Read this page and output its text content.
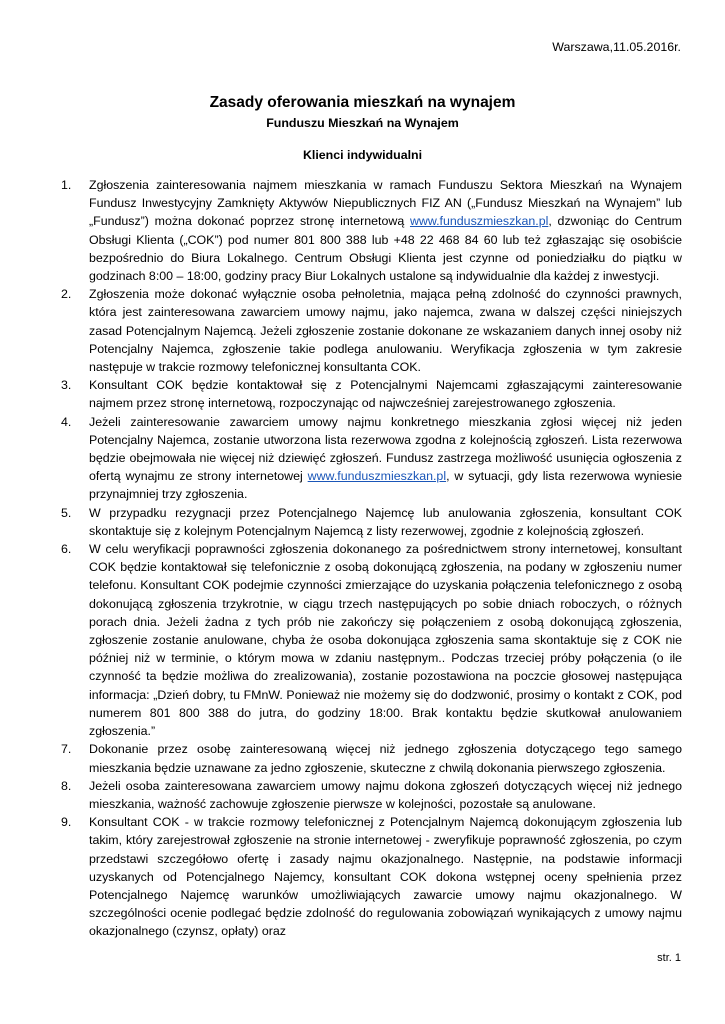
Warszawa,11.05.2016r.
Zasady oferowania mieszkań na wynajem
Funduszu Mieszkań na Wynajem
Klienci indywidualni
1. Zgłoszenia zainteresowania najmem mieszkania w ramach Funduszu Sektora Mieszkań na Wynajem Fundusz Inwestycyjny Zamknięty Aktywów Niepublicznych FIZ AN („Fundusz Mieszkań na Wynajem” lub „Fundusz”) można dokonać poprzez stronę internetową www.funduszmieszkan.pl, dzwoniąc do Centrum Obsługi Klienta („COK”) pod numer 801 800 388 lub +48 22 468 84 60 lub też zgłaszając się osobiście bezpośrednio do Biura Lokalnego. Centrum Obsługi Klienta jest czynne od poniedziałku do piątku w godzinach 8:00 – 18:00, godziny pracy Biur Lokalnych ustalone są indywidualnie dla każdej z inwestycji.
2. Zgłoszenia może dokonać wyłącznie osoba pełnoletnia, mająca pełną zdolność do czynności prawnych, która jest zainteresowana zawarciem umowy najmu, jako najemca, zwana w dalszej części niniejszych zasad Potencjalnym Najemcą. Jeżeli zgłoszenie zostanie dokonane ze wskazaniem danych innej osoby niż Potencjalny Najemca, zgłoszenie takie podlega anulowaniu. Weryfikacja zgłoszenia w tym zakresie następuje w trakcie rozmowy telefonicznej konsultanta COK.
3. Konsultant COK będzie kontaktował się z Potencjalnymi Najemcami zgłaszającymi zainteresowanie najmem przez stronę internetową, rozpoczynając od najwcześniej zarejestrowanego zgłoszenia.
4. Jeżeli zainteresowanie zawarciem umowy najmu konkretnego mieszkania zgłosi więcej niż jeden Potencjalny Najemca, zostanie utworzona lista rezerwowa zgodna z kolejnością zgłoszeń. Lista rezerwowa będzie obejmowała nie więcej niż dziewięć zgłoszeń. Fundusz zastrzega możliwość usunięcia ogłoszenia z ofertą wynajmu ze strony internetowej www.funduszmieszkan.pl, w sytuacji, gdy lista rezerwowa wyniesie przynajmniej trzy zgłoszenia.
5. W przypadku rezygnacji przez Potencjalnego Najemcę lub anulowania zgłoszenia, konsultant COK skontaktuje się z kolejnym Potencjalnym Najemcą z listy rezerwowej, zgodnie z kolejnością zgłoszeń.
6. W celu weryfikacji poprawności zgłoszenia dokonanego za pośrednictwem strony internetowej, konsultant COK będzie kontaktował się telefonicznie z osobą dokonującą zgłoszenia, na podany w zgłoszeniu numer telefonu. Konsultant COK podejmie czynności zmierzające do uzyskania połączenia telefonicznego z osobą dokonującą zgłoszenia trzykrotnie, w ciągu trzech następujących po sobie dniach roboczych, o różnych porach dnia. Jeżeli żadna z tych prób nie zakończy się połączeniem z osobą dokonującą zgłoszenia, zgłoszenie zostanie anulowane, chyba że osoba dokonująca zgłoszenia sama skontaktuje się z COK nie później niż w terminie, o którym mowa w zdaniu następnym.. Podczas trzeciej próby połączenia (o ile czynność ta będzie możliwa do zrealizowania), zostanie pozostawiona na poczcie głosowej następująca informacja: „Dzień dobry, tu FMnW. Ponieważ nie możemy się do dodzwonić, prosimy o kontakt z COK, pod numerem 801 800 388 do jutra, do godziny 18:00. Brak kontaktu będzie skutkował anulowaniem zgłoszenia.”
7. Dokonanie przez osobę zainteresowaną więcej niż jednego zgłoszenia dotyczącego tego samego mieszkania będzie uznawane za jedno zgłoszenie, skuteczne z chwilą dokonania pierwszego zgłoszenia.
8. Jeżeli osoba zainteresowana zawarciem umowy najmu dokona zgłoszeń dotyczących więcej niż jednego mieszkania, ważność zachowuje zgłoszenie pierwsze w kolejności, pozostałe są anulowane.
9. Konsultant COK - w trakcie rozmowy telefonicznej z Potencjalnym Najemcą dokonującym zgłoszenia lub takim, który zarejestrował zgłoszenie na stronie internetowej - zweryfikuje poprawność zgłoszenia, po czym przedstawi szczegółowo ofertę i zasady najmu okazjonalnego. Następnie, na podstawie informacji uzyskanych od Potencjalnego Najemcy, konsultant COK dokona wstępnej oceny spełnienia przez Potencjalnego Najemcę warunków umożliwiających zawarcie umowy najmu okazjonalnego. W szczególności ocenie podlegać będzie zdolność do regulowania zobowiązań wynikających z umowy najmu okazjonalnego (czynsz, opłaty) oraz
str. 1
